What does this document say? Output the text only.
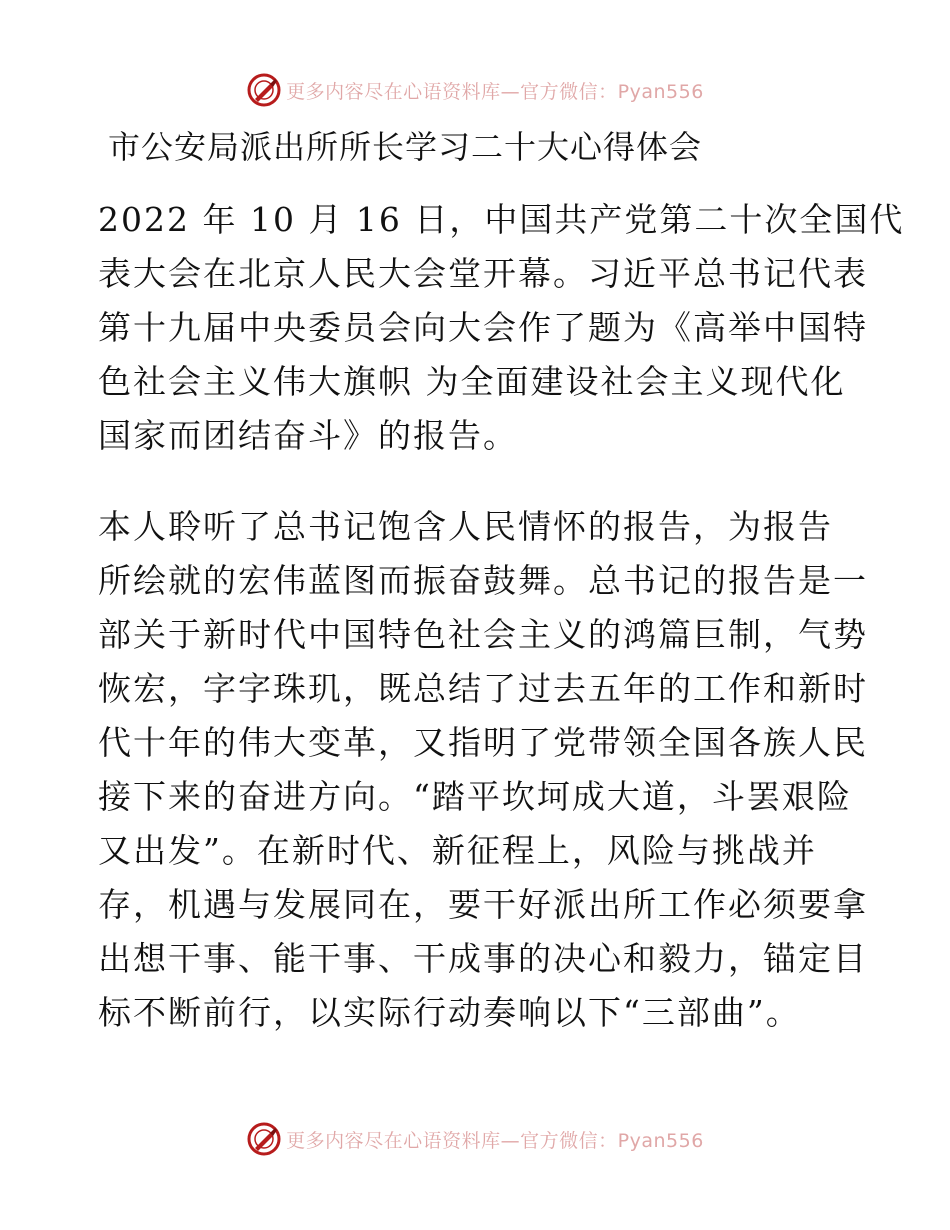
更多内容尽在心语资料库—官方微信：Pyan556
市公安局派出所所长学习二十大心得体会

2022 年 10 月 16 日，中国共产党第二十次全国代
表大会在北京人民大会堂开幕。习近平总书记代表
第十九届中央委员会向大会作了题为《高举中国特
色社会主义伟大旗帜 为全面建设社会主义现代化
国家而团结奋斗》的报告。

本人聆听了总书记饱含人民情怀的报告，为报告
所绘就的宏伟蓝图而振奋鼓舞。总书记的报告是一
部关于新时代中国特色社会主义的鸿篇巨制，气势
恢宏，字字珠玑，既总结了过去五年的工作和新时
代十年的伟大变革，又指明了党带领全国各族人民
接下来的奋进方向。“踏平坎坷成大道，斗罢艰险
又出发”。在新时代、新征程上，风险与挑战并
存，机遇与发展同在，要干好派出所工作必须要拿
出想干事、能干事、干成事的决心和毅力，锚定目
标不断前行，以实际行动奏响以下“三部曲”。

更多内容尽在心语资料库—官方微信：Pyan556
